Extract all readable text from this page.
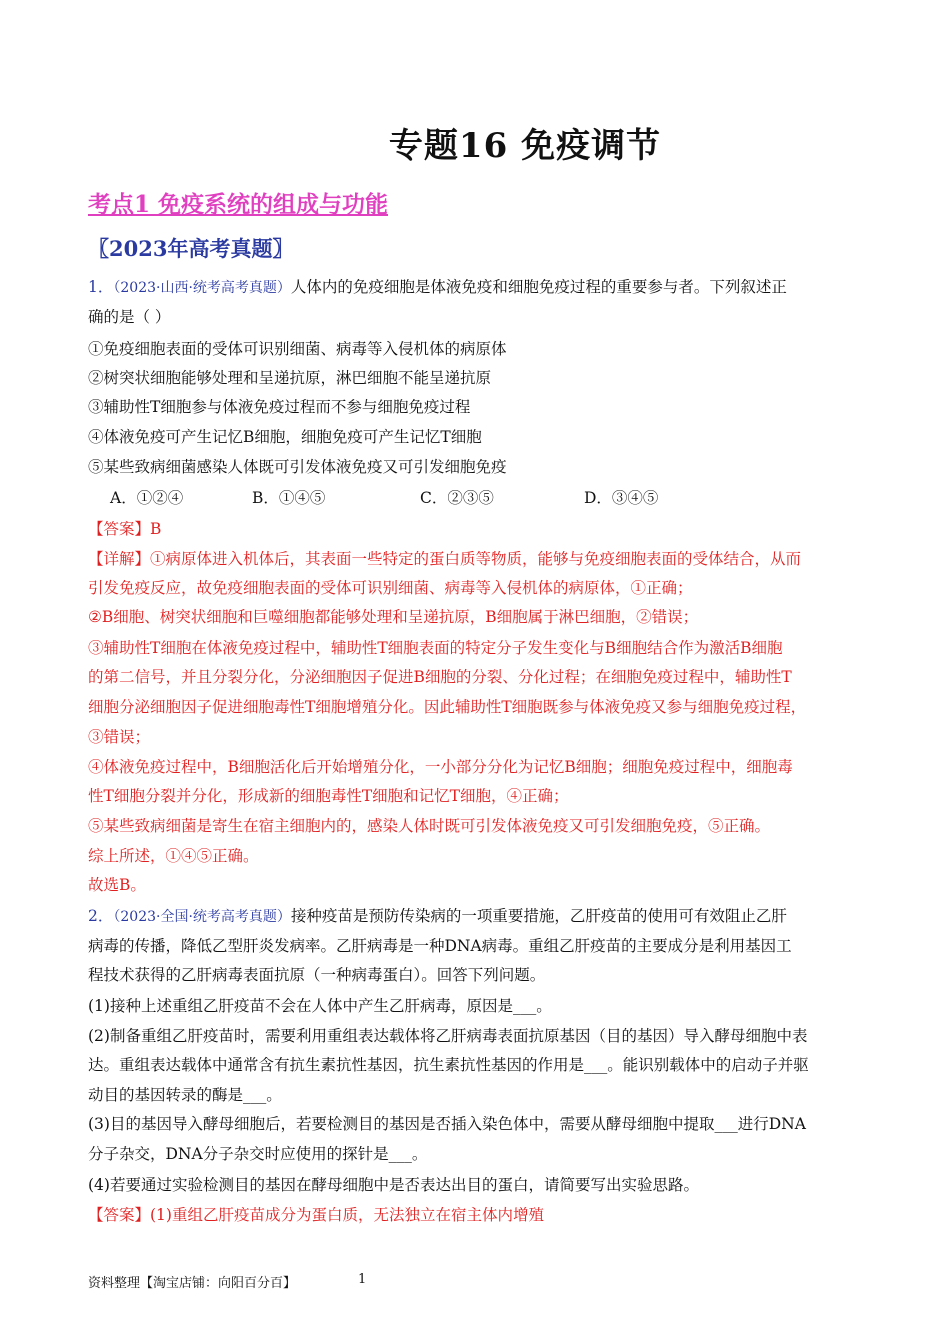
专题16 免疫调节
考点1 免疫系统的组成与功能
〖2023年高考真题〗
1．（2023·山西·统考高考真题）人体内的免疫细胞是体液免疫和细胞免疫过程的重要参与者。下列叙述正
确的是（ ）
①免疫细胞表面的受体可识别细菌、病毒等入侵机体的病原体
②树突状细胞能够处理和呈递抗原，淋巴细胞不能呈递抗原
③辅助性T细胞参与体液免疫过程而不参与细胞免疫过程
④体液免疫可产生记忆B细胞，细胞免疫可产生记忆T细胞
⑤某些致病细菌感染人体既可引发体液免疫又可引发细胞免疫
A．①②④	B．①④⑤	C．②③⑤	D．③④⑤
【答案】B
【详解】①病原体进入机体后，其表面一些特定的蛋白质等物质，能够与免疫细胞表面的受体结合，从而
引发免疫反应，故免疫细胞表面的受体可识别细菌、病毒等入侵机体的病原体，①正确；
②B细胞、树突状细胞和巨噬细胞都能够处理和呈递抗原，B细胞属于淋巴细胞，②错误；
③辅助性T细胞在体液免疫过程中，辅助性T细胞表面的特定分子发生变化与B细胞结合作为激活B细胞
的第二信号，并且分裂分化，分泌细胞因子促进B细胞的分裂、分化过程；在细胞免疫过程中，辅助性T
细胞分泌细胞因子促进细胞毒性T细胞增殖分化。因此辅助性T细胞既参与体液免疫又参与细胞免疫过程，
③错误；
④体液免疫过程中，B细胞活化后开始增殖分化，一小部分分化为记忆B细胞；细胞免疫过程中，细胞毒
性T细胞分裂并分化，形成新的细胞毒性T细胞和记忆T细胞，④正确；
⑤某些致病细菌是寄生在宿主细胞内的，感染人体时既可引发体液免疫又可引发细胞免疫，⑤正确。
综上所述，①④⑤正确。
故选B。
2．（2023·全国·统考高考真题）接种疫苗是预防传染病的一项重要措施，乙肝疫苗的使用可有效阻止乙肝
病毒的传播，降低乙型肝炎发病率。乙肝病毒是一种DNA病毒。重组乙肝疫苗的主要成分是利用基因工
程技术获得的乙肝病毒表面抗原（一种病毒蛋白）。回答下列问题。
(1)接种上述重组乙肝疫苗不会在人体中产生乙肝病毒，原因是___。
(2)制备重组乙肝疫苗时，需要利用重组表达载体将乙肝病毒表面抗原基因（目的基因）导入酵母细胞中表
达。重组表达载体中通常含有抗生素抗性基因，抗生素抗性基因的作用是___。能识别载体中的启动子并驱
动目的基因转录的酶是___。
(3)目的基因导入酵母细胞后，若要检测目的基因是否插入染色体中，需要从酵母细胞中提取___进行DNA
分子杂交，DNA分子杂交时应使用的探针是___。
(4)若要通过实验检测目的基因在酵母细胞中是否表达出目的蛋白，请简要写出实验思路。
【答案】(1)重组乙肝疫苗成分为蛋白质，无法独立在宿主体内增殖
资料整理【淘宝店铺：向阳百分百】	1
